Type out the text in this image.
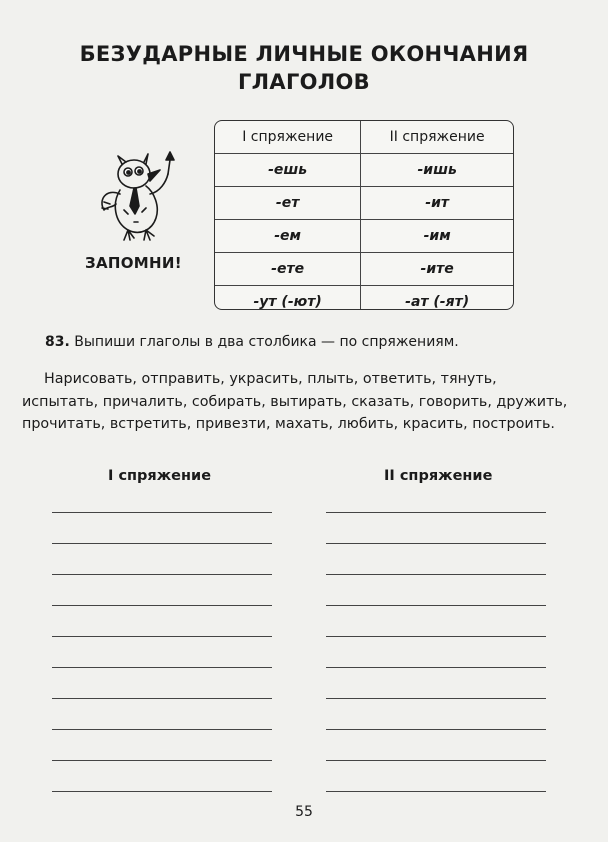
БЕЗУДАРНЫЕ ЛИЧНЫЕ ОКОНЧАНИЯ
ГЛАГОЛОВ
ЗАПОМНИ!
I спряжение	II спряжение
-ешь	-ишь
-ет	-ит
-ем	-им
-ете	-ите
-ут (-ют)	-ат (-ят)
83. Выпиши глаголы в два столбика — по спряжениям.
Нарисовать, отправить, украсить, плыть, ответить, тянуть, испытать, причалить, собирать, вытирать, сказать, говорить, дружить, прочитать, встретить, привезти, махать, любить, красить, построить.
I спряжение	II спряжение
55
